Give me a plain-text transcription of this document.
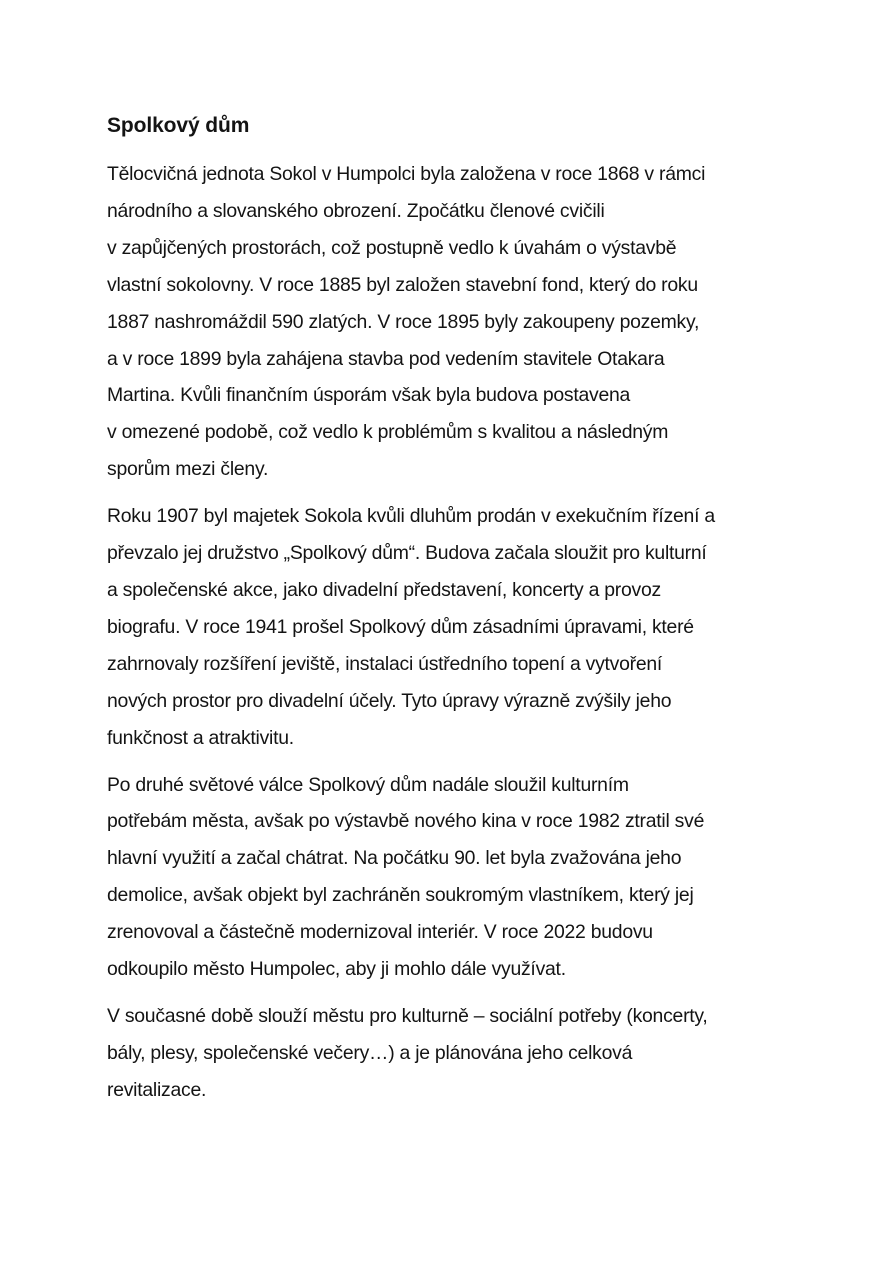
Spolkový dům

Tělocvičná jednota Sokol v Humpolci byla založena v roce 1868 v rámci
národního a slovanského obrození. Zpočátku členové cvičili
v zapůjčených prostorách, což postupně vedlo k úvahám o výstavbě
vlastní sokolovny. V roce 1885 byl založen stavební fond, který do roku
1887 nashromáždil 590 zlatých. V roce 1895 byly zakoupeny pozemky,
a v roce 1899 byla zahájena stavba pod vedením stavitele Otakara
Martina. Kvůli finančním úsporám však byla budova postavena
v omezené podobě, což vedlo k problémům s kvalitou a následným
sporům mezi členy.

Roku 1907 byl majetek Sokola kvůli dluhům prodán v exekučním řízení a
převzalo jej družstvo „Spolkový dům“. Budova začala sloužit pro kulturní
a společenské akce, jako divadelní představení, koncerty a provoz
biografu. V roce 1941 prošel Spolkový dům zásadními úpravami, které
zahrnovaly rozšíření jeviště, instalaci ústředního topení a vytvoření
nových prostor pro divadelní účely. Tyto úpravy výrazně zvýšily jeho
funkčnost a atraktivitu.

Po druhé světové válce Spolkový dům nadále sloužil kulturním
potřebám města, avšak po výstavbě nového kina v roce 1982 ztratil své
hlavní využití a začal chátrat. Na počátku 90. let byla zvažována jeho
demolice, avšak objekt byl zachráněn soukromým vlastníkem, který jej
zrenovoval a částečně modernizoval interiér. V roce 2022 budovu
odkoupilo město Humpolec, aby ji mohlo dále využívat.

V současné době slouží městu pro kulturně – sociální potřeby (koncerty,
bály, plesy, společenské večery…) a je plánována jeho celková
revitalizace.
